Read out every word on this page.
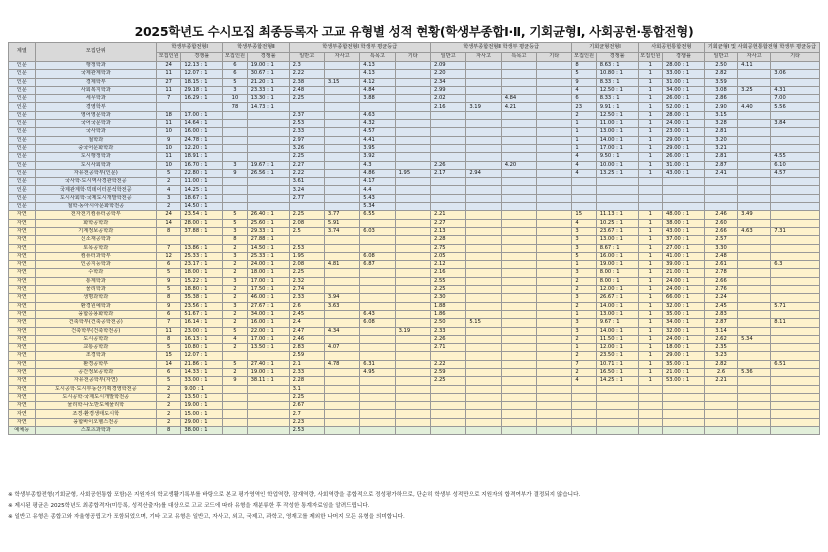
2025학년도 수시모집 최종등록자 고교 유형별 성적 현황(학생부종합Ⅰ·Ⅱ, 기회균형Ⅰ, 사회공헌·통합전형)
계열	모집단위	학생부종합전형Ⅰ		학생부종합전형Ⅱ		학생부종합전형Ⅰ 학생부 평균등급				학생부종합전형Ⅱ 학생부 평균등급				기회균형전형Ⅰ		사회공헌통합전형		기회균형Ⅰ 및 사회공헌통합전형 학생부 평균등급		
		모집인원	경쟁률	모집인원	경쟁률	일반고	자사고	특목고	기타	일반고	자사고	특목고	기타	모집인원	경쟁률	모집인원	경쟁률	일반고	자사고	기타
인문	행정학과	24	12.13 : 1	6	19.00 : 1	2.3		4.13		2.09				8	8.63 : 1	1	28.00 : 1	2.50	4.11	
인문	국제관계학과	11	12.07 : 1	6	30.67 : 1	2.22		4.13		2.20				5	10.80 : 1	1	33.00 : 1	2.82		3.06
인문	경제학부	27	18.15 : 1	5	21.20 : 1	2.38	3.15	4.12		2.34				9	8.33 : 1	1	31.00 : 1	3.59		
인문	사회복지학과	11	29.18 : 1	3	23.33 : 1	2.48		4.84		2.99				4	12.50 : 1	1	34.00 : 1	3.08	3.25	4.31
인문	세무학과	7	16.29 : 1	10	13.30 : 1	2.25		3.88		2.02		4.84		6	8.33 : 1	1	26.00 : 1	2.86		7.00
인문	경영학부			78	14.73 : 1					2.16	3.19	4.21		23	9.91 : 1	1	52.00 : 1	2.90	4.40	5.56
인문	영어영문학과	18	17.00 : 1			2.37		4.63						2	12.50 : 1	1	28.00 : 1	3.15		
인문	국어국문학과	11	14.64 : 1			2.53		4.32						1	11.00 : 1	1	24.00 : 1	3.28		3.84
인문	국사학과	10	16.00 : 1			2.33		4.57						1	13.00 : 1	1	23.00 : 1	2.81		
인문	철학과	9	24.78 : 1			2.97		4.41						1	14.00 : 1	1	29.00 : 1	3.20		
인문	중국어문화학과	10	12.20 : 1			3.26		3.95						1	17.00 : 1	1	29.00 : 1	3.21		
인문	도시행정학과	11	18.91 : 1			2.25		3.92						4	9.50 : 1	1	26.00 : 1	2.81		4.55
인문	도시사회학과	10	16.70 : 1	3	19.67 : 1	2.27		4.3		2.26		4.20		4	10.00 : 1	1	31.00 : 1	2.87		6.10
인문	자유전공학부(인문)	5	22.80 : 1	9	26.56 : 1	2.22		4.86	1.95	2.17	2.94			4	13.25 : 1	1	43.00 : 1	2.41		4.57
인문	국사학·도시역사경관학전공	2	11.00 : 1			3.61		4.17												
인문	국제관계학·빅데이터분석학전공	4	14.25 : 1			3.24		4.4												
인문	도시사회학·국제도시개발학전공	3	18.67 : 1			2.77		5.43												
인문	철학·동아시아문화학전공	2	14.50 : 1					5.34												
자연	전자전기컴퓨터공학부	24	23.54 : 1	5	26.40 : 1	2.25	3.77	6.55		2.21				15	11.13 : 1	1	48.00 : 1	2.46	3.49	
자연	화학공학과	14	28.00 : 1	5	25.60 : 1	2.08	5.91			2.27				4	10.25 : 1	1	38.00 : 1	2.60		
자연	기계정보공학과	8	37.88 : 1	3	29.33 : 1	2.5	3.74	6.03		2.13				3	23.67 : 1	1	43.00 : 1	2.66	4.63	7.31
자연	신소재공학과			8	27.88 : 1					2.28				3	13.00 : 1	1	37.00 : 1	2.57		
자연	토목공학과	7	13.86 : 1	2	14.50 : 1	2.53				2.75				3	8.67 : 1	1	27.00 : 1	3.30		
자연	컴퓨터과학부	12	25.33 : 1	3	25.33 : 1	1.95		6.08		2.05				5	16.00 : 1	1	41.00 : 1	2.48		
자연	인공지능학과	6	23.17 : 1	2	24.00 : 1	2.08	4.81	6.87		2.12				1	19.00 : 1	1	39.00 : 1	2.61		6.3
자연	수학과	5	18.00 : 1	2	18.00 : 1	2.25				2.16				3	8.00 : 1	1	21.00 : 1	2.78		
자연	통계학과	9	15.22 : 1	3	17.00 : 1	2.32				2.55				2	8.00 : 1	1	24.00 : 1	2.66		
자연	물리학과	5	18.80 : 1	2	17.50 : 1	2.74				2.25				2	12.00 : 1	1	24.00 : 1	2.76		
자연	생명과학과	8	35.38 : 1	2	46.00 : 1	2.33	3.94			2.30				3	26.67 : 1	1	66.00 : 1	2.24		
자연	환경원예학과	9	23.56 : 1	3	27.67 : 1	2.6	3.63			1.88				2	14.00 : 1	1	32.00 : 1	2.45		5.71
자연	융합응용화학과	6	51.67 : 1	2	34.00 : 1	2.45		6.43		1.86				1	13.00 : 1	1	35.00 : 1	2.83		
자연	건축학부(건축공학전공)	7	16.14 : 1	2	16.00 : 1	2.4		6.08		2.50	5.15			3	9.67 : 1	1	34.00 : 1	2.87		8.11
자연	건축학부(건축학전공)	11	23.00 : 1	5	22.00 : 1	2.47	4.34		3.19	2.33				3	14.00 : 1	1	32.00 : 1	3.14		
자연	도시공학과	8	16.13 : 1	4	17.00 : 1	2.46				2.26				2	11.50 : 1	1	24.00 : 1	2.62	5.34	
자연	교통공학과	5	10.80 : 1	2	13.50 : 1	2.83	4.07			2.71				1	12.00 : 1	1	18.00 : 1	2.35		
자연	조경학과	15	12.07 : 1			2.59								2	23.50 : 1	1	29.00 : 1	3.23		
자연	환경공학부	14	21.86 : 1	5	27.40 : 1	2.1	4.78	6.31		2.22				7	10.71 : 1	1	35.00 : 1	2.82		6.51
자연	공간정보공학과	6	14.33 : 1	2	19.00 : 1	2.33		4.95		2.59				2	16.50 : 1	1	21.00 : 1	2.6	5.36	
자연	자유전공학부(자연)	5	33.00 : 1	9	38.11 : 1	2.28				2.25				4	14.25 : 1	1	53.00 : 1	2.21		
자연	도시공학·도시부동산기획경영학전공	2	9.00 : 1			3.1														
자연	도시공학·국제도시개발학전공	2	13.50 : 1			2.25														
자연	물리학·나노반도체물리학	2	19.00 : 1			2.67														
자연	조경·환경생태도시학	2	15.00 : 1			2.7														
자연	융합바이오헬스전공	2	29.00 : 1			2.23														
예체능	스포츠과학과	8	38.00 : 1			2.53														
※ 학생부종합전형(기회균형, 사회공헌통합 포함)은 지원자의 학교생활기록부를 바탕으로 본교 평가영역인 학업역량, 잠재역량, 사회역량을 종합적으로 정성평가하므로, 단순히 학생부 성적만으로 지원자의 합격여부가 결정되지 않습니다.
※ 제시된 평균은 2025학년도 최종합격자(미등록, 성적산출자)를 대상으로 고교 코드에 따라 유형을 재분류한 후 작성한 통계자료임을 알려드립니다.
※ 일반고 유형은 종합고와 자율형공립고가 포함되었으며, 기타 고교 유형은 일반고, 자사고, 외고, 국제고, 과학고, 영재고를 제외한 나머지 모든 유형을 의미합니다.
